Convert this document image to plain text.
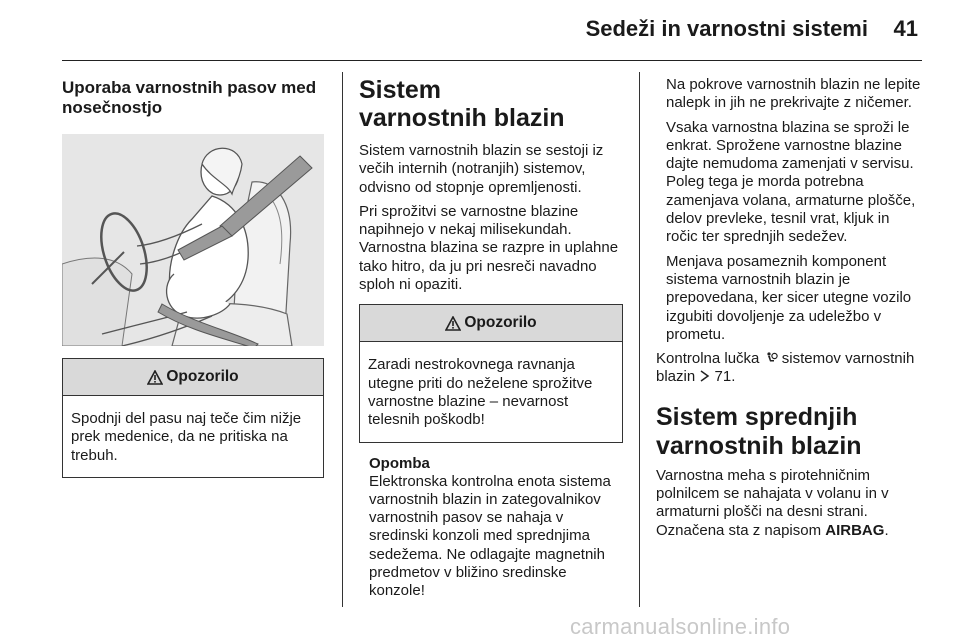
Sedeži in varnostni sistemi 41
Uporaba varnostnih pasov med nosečnostjo
Opozorilo
Spodnji del pasu naj teče čim nižje prek medenice, da ne pritiska na trebuh.
Sistem varnostnih blazin

Sistem varnostnih blazin se sestoji iz večih internih (notranjih) sistemov, odvisno od stopnje opremljenosti.

Pri sprožitvi se varnostne blazine napihnejo v nekaj milisekundah. Varnostna blazina se razpre in uplahne tako hitro, da ju pri nesreči navadno sploh ni opaziti.

Opozorilo
Zaradi nestrokovnega ravnanja utegne priti do neželene sprožitve varnostne blazine – nevarnost telesnih poškodb!
Opomba

Elektronska kontrolna enota sistema varnostnih blazin in zategovalnikov varnostnih pasov se nahaja v sredinski konzoli med sprednjima sedežema. Ne odlagajte magnetnih predmetov v bližino sredinske konzole!

Na pokrove varnostnih blazin ne lepite nalepk in jih ne prekrivajte z ničemer.

Vsaka varnostna blazina se sproži le enkrat. Sprožene varnostne blazine dajte nemudoma zamenjati v servisu. Poleg tega je morda potrebna zamenjava volana, armaturne plošče, delov prevleke, tesnil vrat, kljuk in ročic ter sprednjih sedežev.

Menjava posameznih komponent sistema varnostnih blazin je prepovedana, ker sicer utegne vozilo izgubiti dovoljenje za udeležbo v prometu.

Kontrolna lučka sistemov varnostnih blazin 71.

Sistem sprednjih varnostnih blazin

Varnostna meha s pirotehničnim polnilcem se nahajata v volanu in v armaturni plošči na desni strani. Označena sta z napisom AIRBAG.

carmanualsonline.info
